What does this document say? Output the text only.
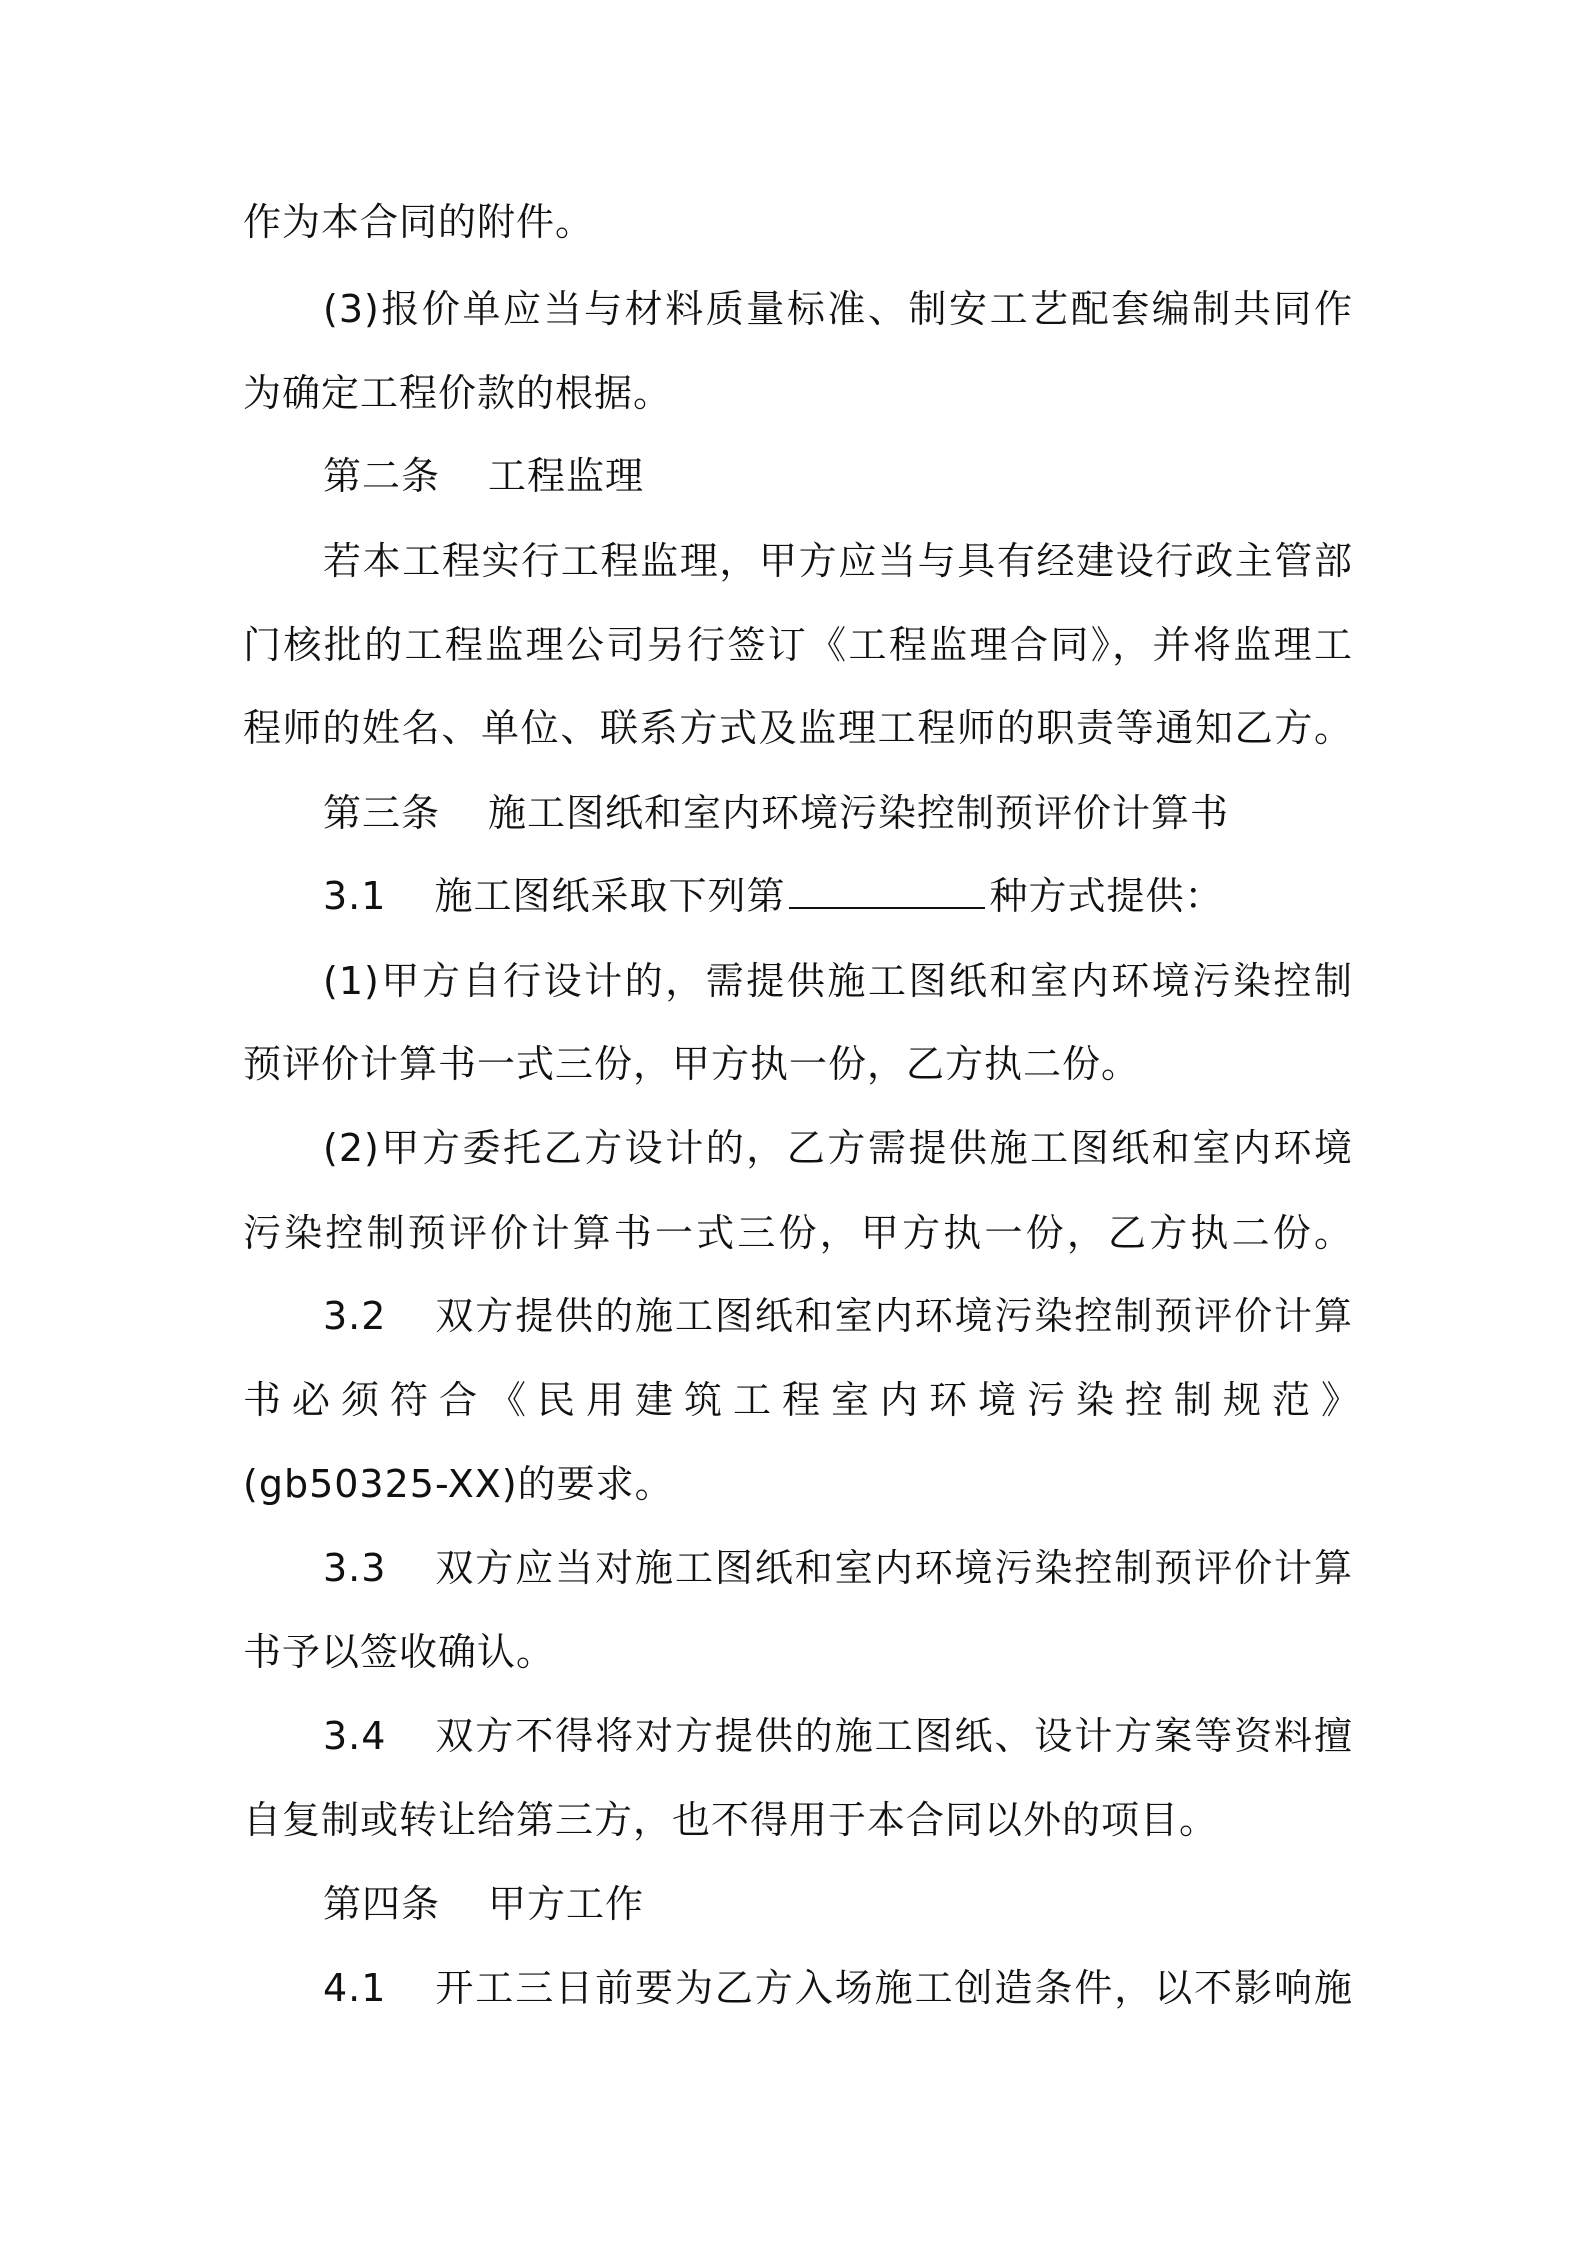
作为本合同的附件。
(3)报价单应当与材料质量标准、制安工艺配套编制共同作
为确定工程价款的根据。
第二条 工程监理
若本工程实行工程监理，甲方应当与具有经建设行政主管部
门核批的工程监理公司另行签订《工程监理合同》，并将监理工
程师的姓名、单位、联系方式及监理工程师的职责等通知乙方。
第三条 施工图纸和室内环境污染控制预评价计算书
3.1 施工图纸采取下列第	种方式提供：
(1)甲方自行设计的，需提供施工图纸和室内环境污染控制
预评价计算书一式三份，甲方执一份，乙方执二份。
(2)甲方委托乙方设计的，乙方需提供施工图纸和室内环境
污染控制预评价计算书一式三份，甲方执一份，乙方执二份。
3.2 双方提供的施工图纸和室内环境污染控制预评价计算
书必须符合《民用建筑工程室内环境污染控制规范》
(gb50325-XX)的要求。
3.3 双方应当对施工图纸和室内环境污染控制预评价计算
书予以签收确认。
3.4 双方不得将对方提供的施工图纸、设计方案等资料擅
自复制或转让给第三方，也不得用于本合同以外的项目。
第四条 甲方工作
4.1 开工三日前要为乙方入场施工创造条件，以不影响施
